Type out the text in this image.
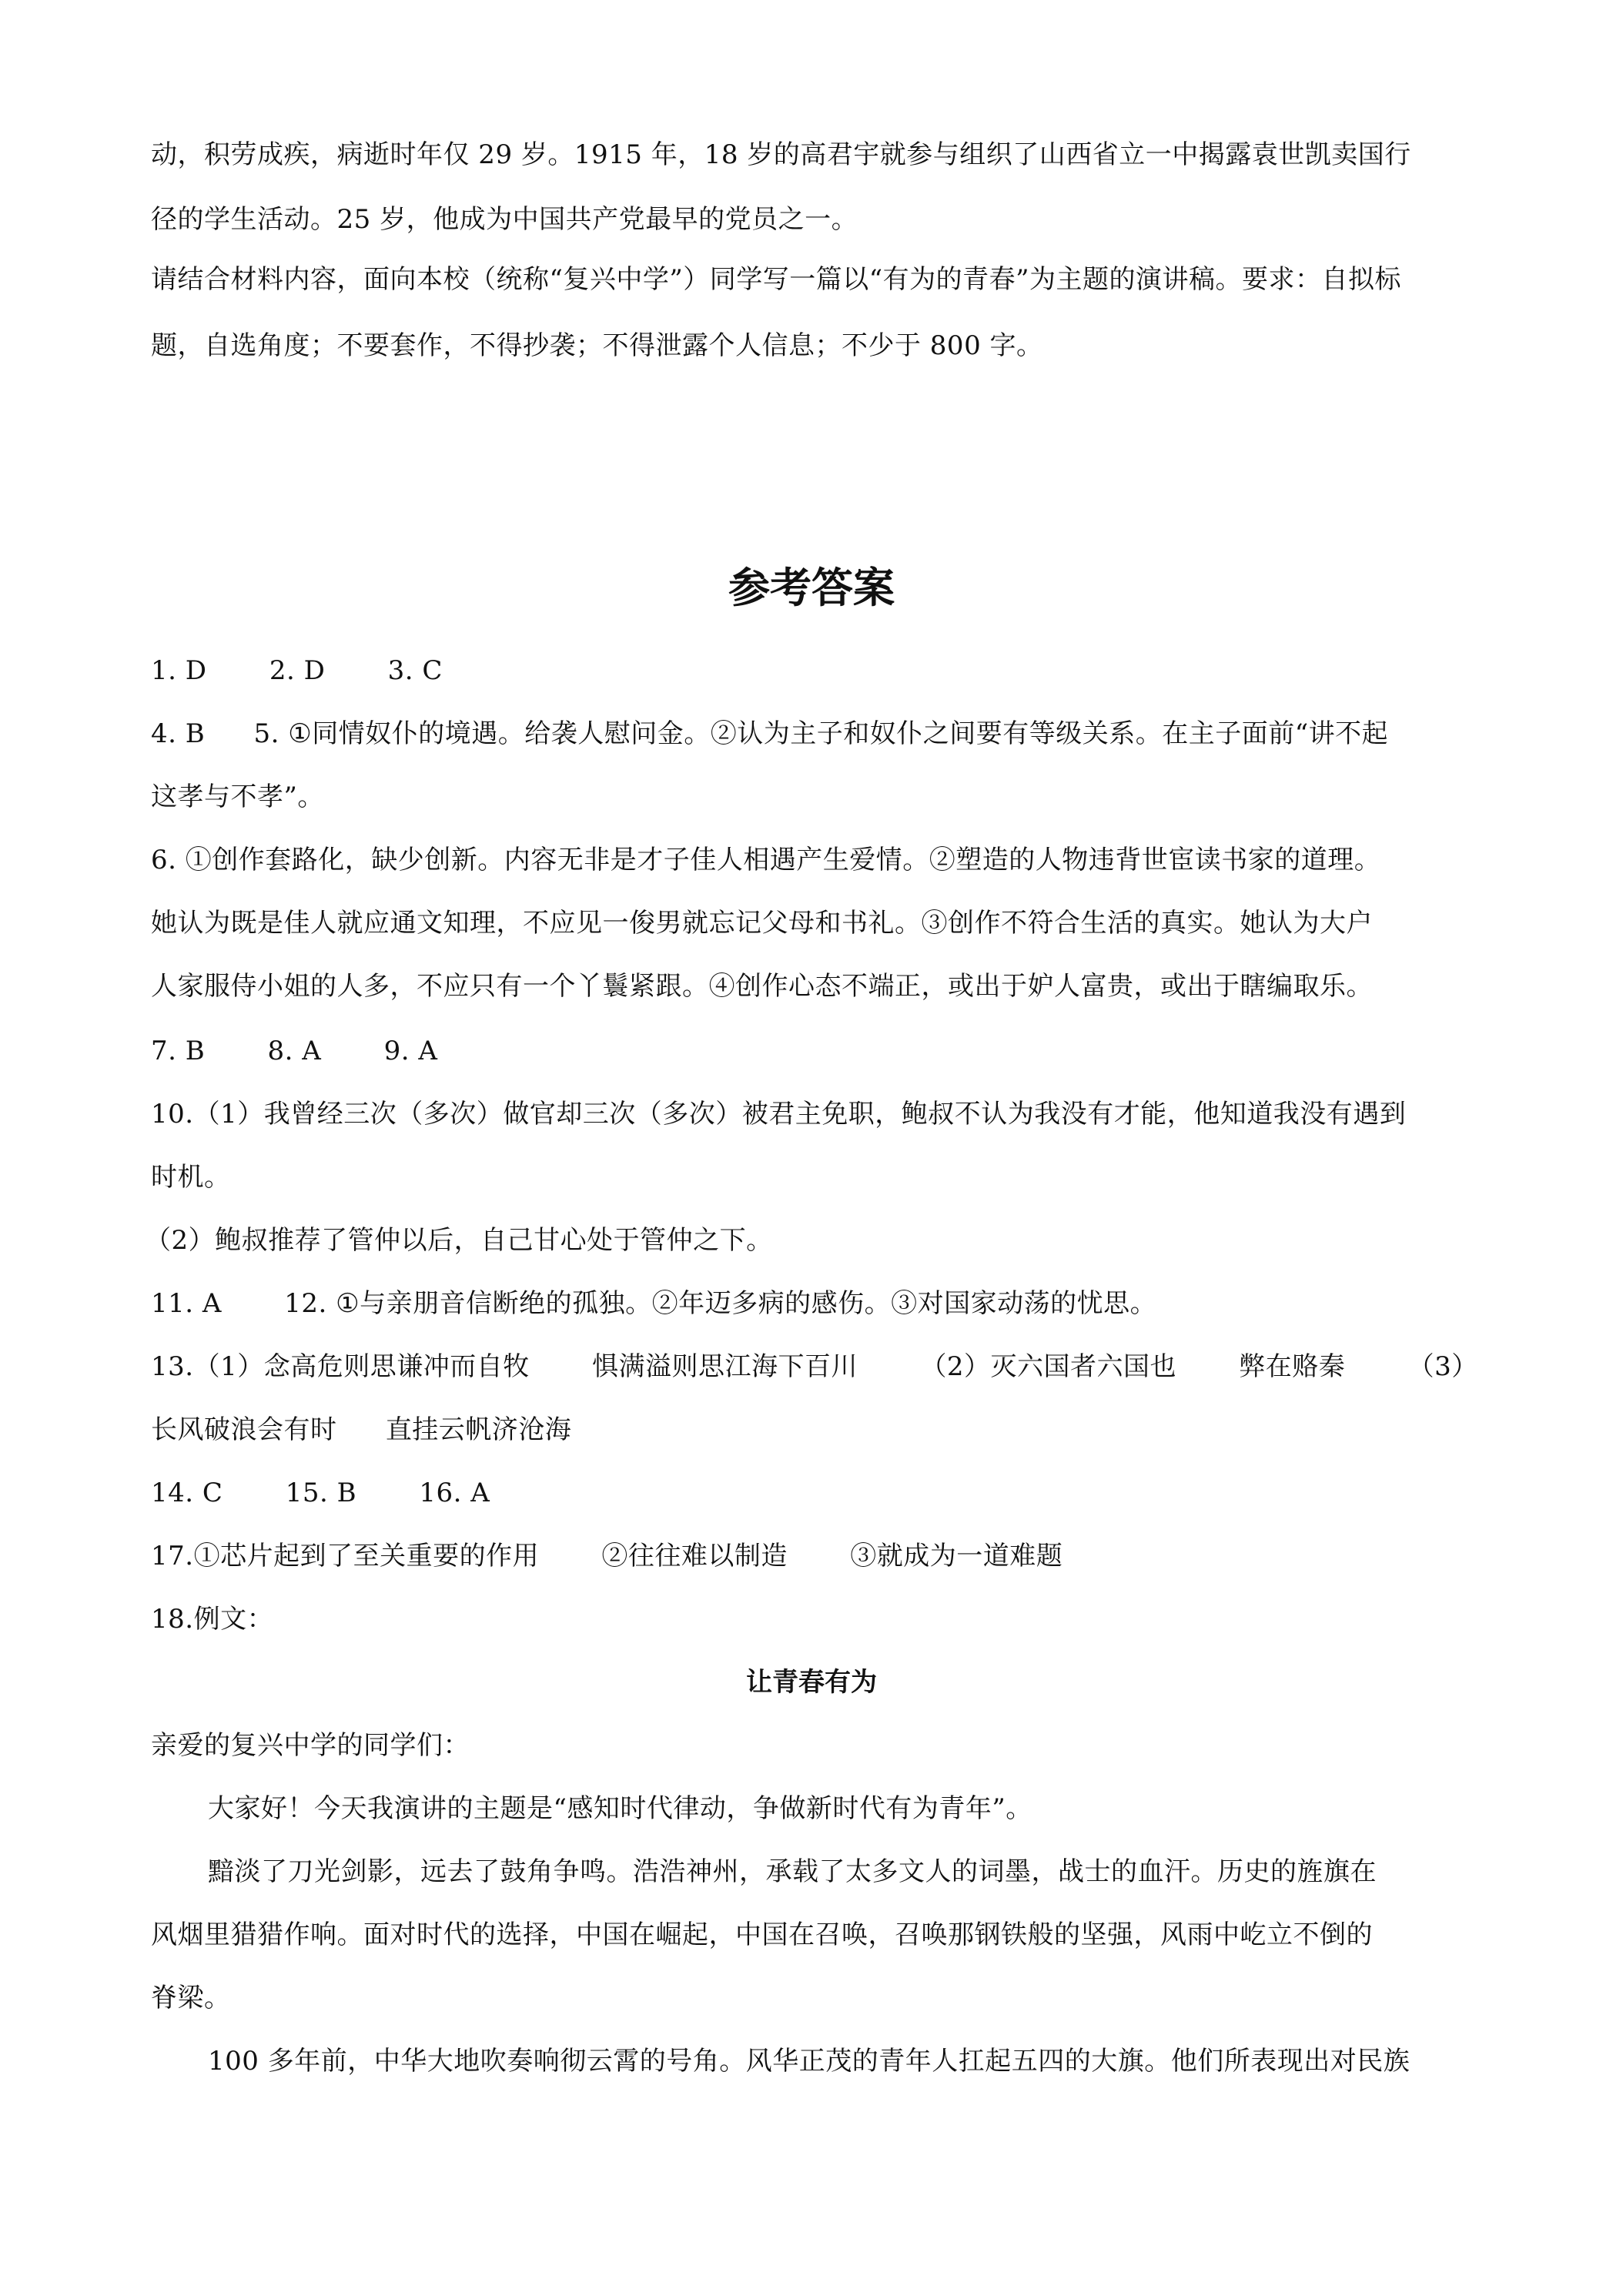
动，积劳成疾，病逝时年仅 29 岁。1915 年，18 岁的高君宇就参与组织了山西省立一中揭露袁世凯卖国行
径的学生活动。25 岁，他成为中国共产党最早的党员之一。
请结合材料内容，面向本校（统称“复兴中学”）同学写一篇以“有为的青春”为主题的演讲稿。要求：自拟标
题，自选角度；不要套作，不得抄袭；不得泄露个人信息；不少于 800 字。
参考答案
1. D 2. D 3. C
4. B 5. ①同情奴仆的境遇。给袭人慰问金。②认为主子和奴仆之间要有等级关系。在主子面前“讲不起
这孝与不孝”。
6. ①创作套路化，缺少创新。内容无非是才子佳人相遇产生爱情。②塑造的人物违背世宦读书家的道理。
她认为既是佳人就应通文知理，不应见一俊男就忘记父母和书礼。③创作不符合生活的真实。她认为大户
人家服侍小姐的人多，不应只有一个丫鬟紧跟。④创作心态不端正，或出于妒人富贵，或出于瞎编取乐。
7. B 8. A 9. A
10.（1）我曾经三次（多次）做官却三次（多次）被君主免职，鲍叔不认为我没有才能，他知道我没有遇到
时机。
（2）鲍叔推荐了管仲以后，自己甘心处于管仲之下。
11. A 12. ①与亲朋音信断绝的孤独。②年迈多病的感伤。③对国家动荡的忧思。
13.（1）念高危则思谦冲而自牧 惧满溢则思江海下百川 （2）灭六国者六国也 弊在赂秦 （3）
长风破浪会有时 直挂云帆济沧海
14. C 15. B 16. A
17.①芯片起到了至关重要的作用 ②往往难以制造 ③就成为一道难题
18.例文：
让青春有为
亲爱的复兴中学的同学们：
大家好！今天我演讲的主题是“感知时代律动，争做新时代有为青年”。
黯淡了刀光剑影，远去了鼓角争鸣。浩浩神州，承载了太多文人的词墨，战士的血汗。历史的旌旗在
风烟里猎猎作响。面对时代的选择，中国在崛起，中国在召唤，召唤那钢铁般的坚强，风雨中屹立不倒的
脊梁。
100 多年前，中华大地吹奏响彻云霄的号角。风华正茂的青年人扛起五四的大旗。他们所表现出对民族
